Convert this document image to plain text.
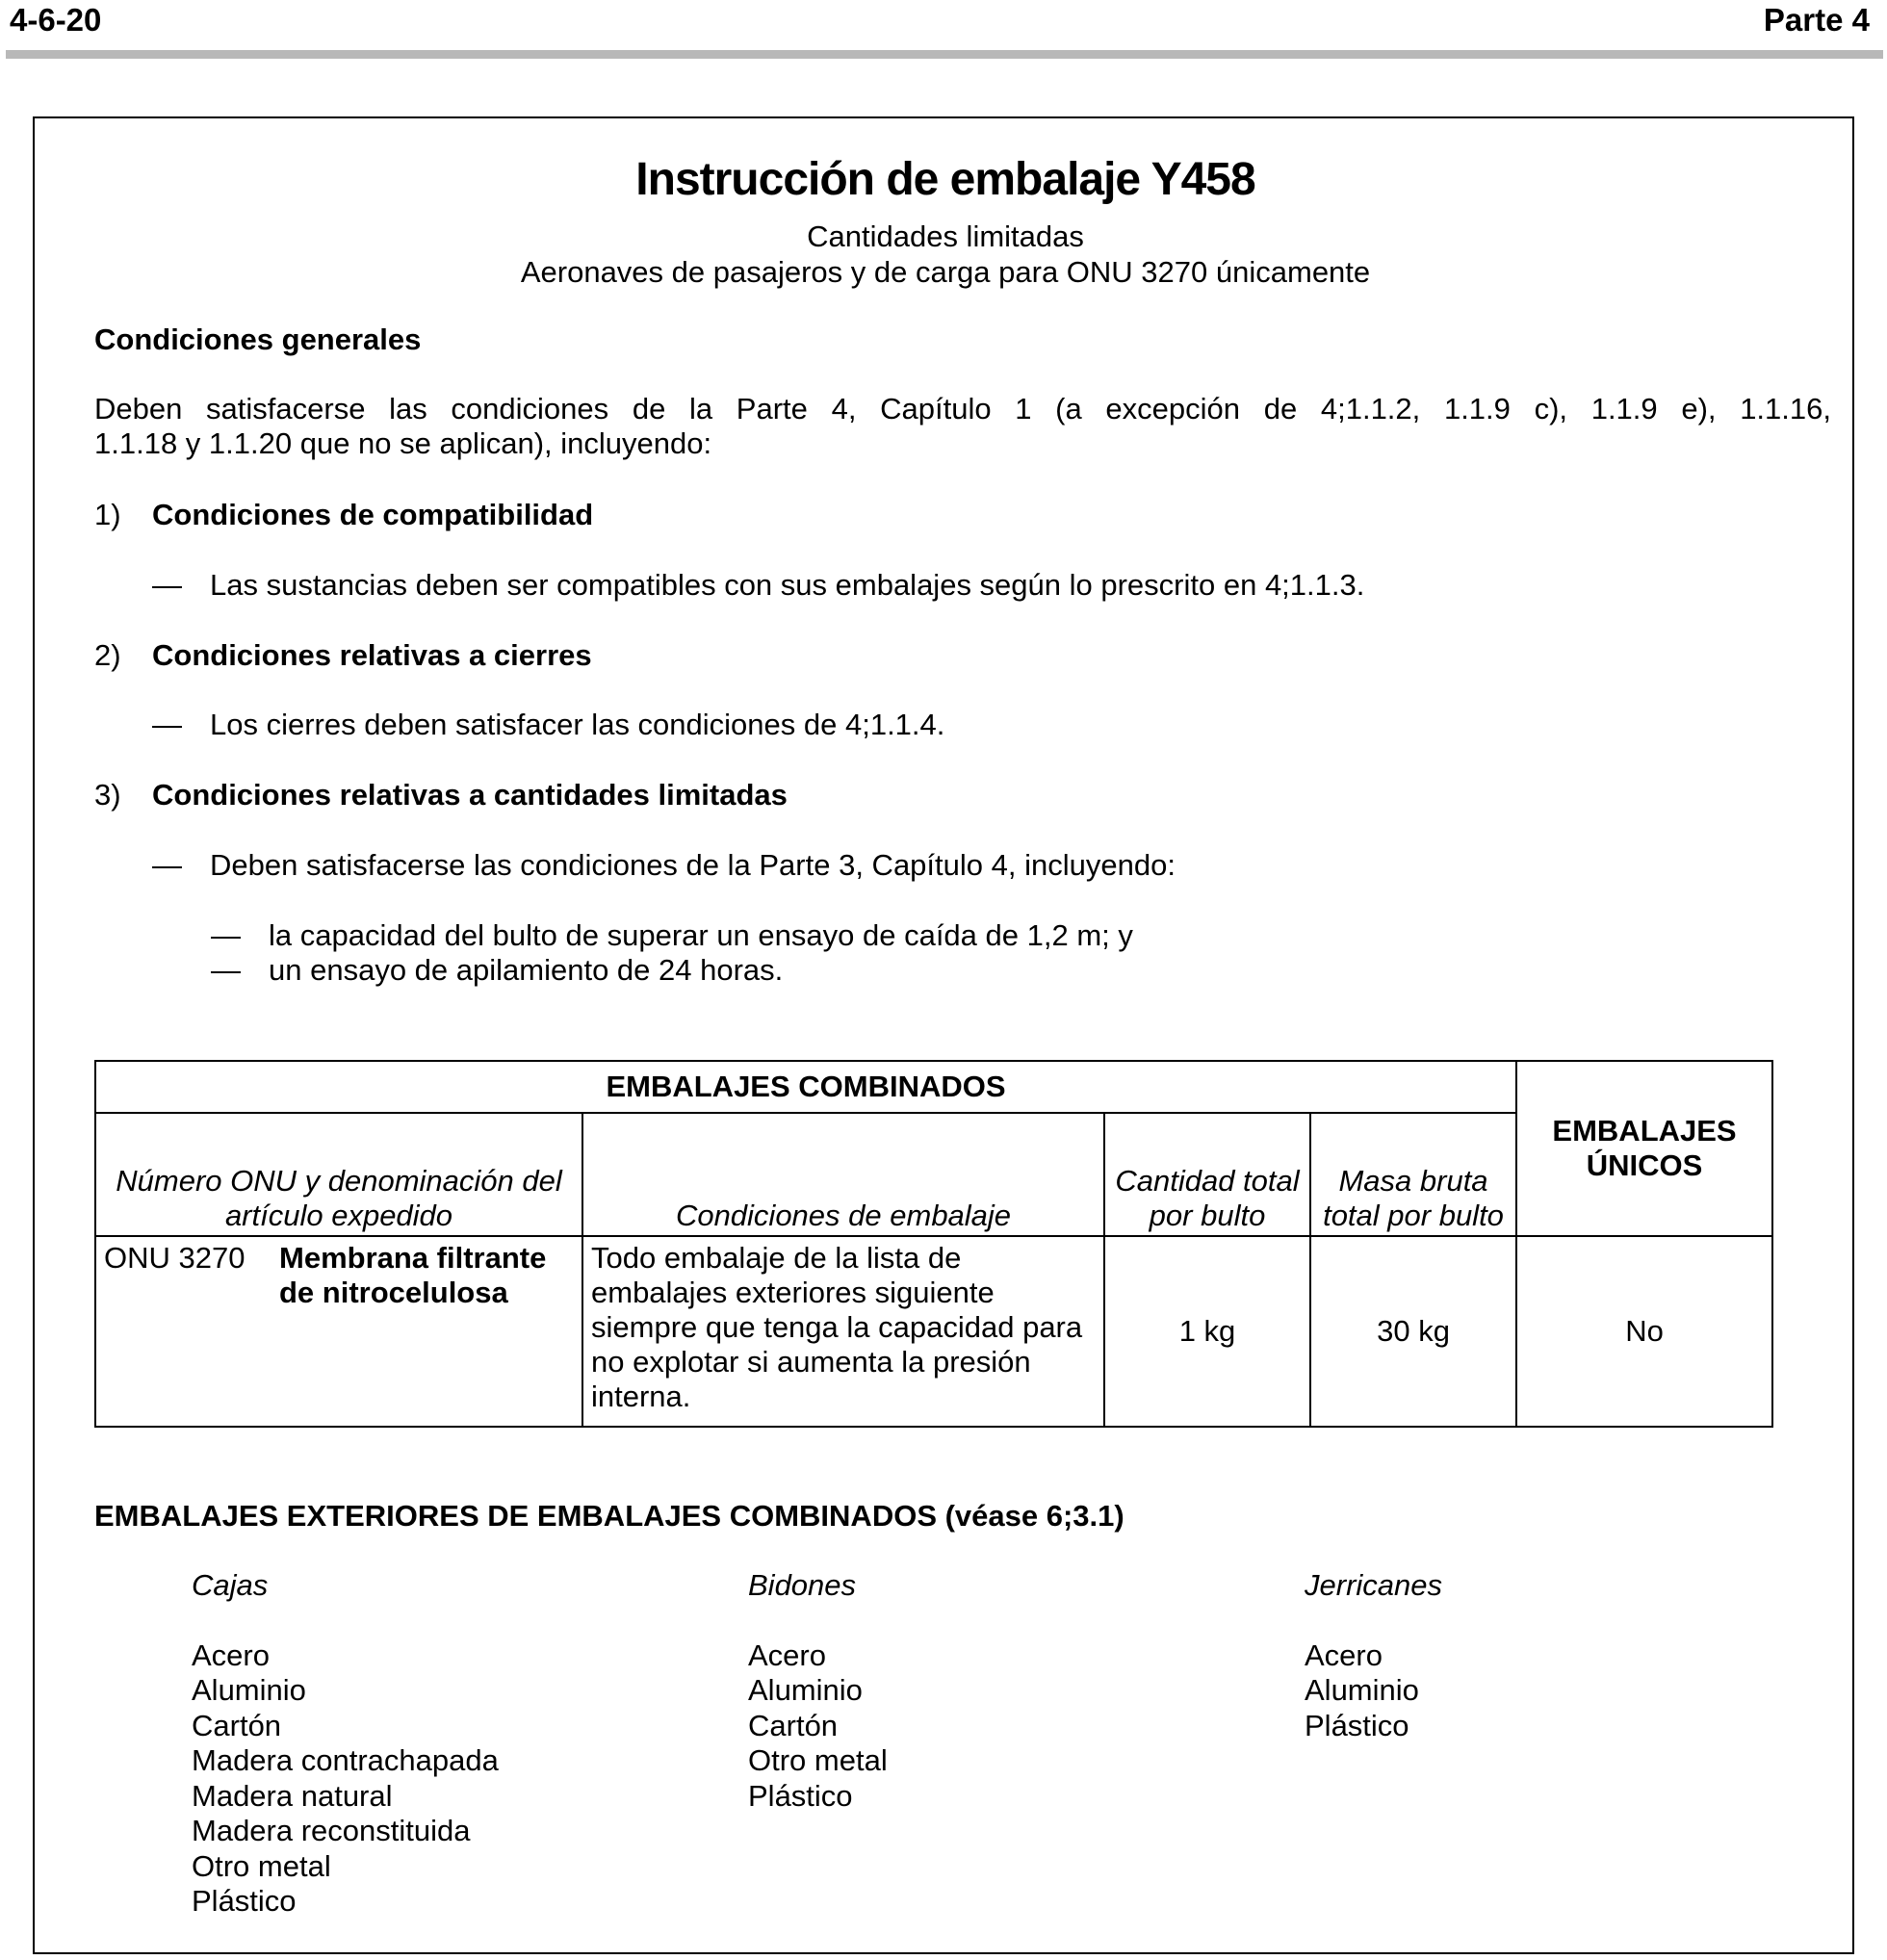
4-6-20	Parte 4
Instrucción de embalaje Y458
Cantidades limitadas
Aeronaves de pasajeros y de carga para ONU 3270 únicamente
Condiciones generales
Deben satisfacerse las condiciones de la Parte 4, Capítulo 1 (a excepción de 4;1.1.2, 1.1.9 c), 1.1.9 e), 1.1.16,
1.1.18 y 1.1.20 que no se aplican), incluyendo:
1) Condiciones de compatibilidad
— Las sustancias deben ser compatibles con sus embalajes según lo prescrito en 4;1.1.3.
2) Condiciones relativas a cierres
— Los cierres deben satisfacer las condiciones de 4;1.1.4.
3) Condiciones relativas a cantidades limitadas
— Deben satisfacerse las condiciones de la Parte 3, Capítulo 4, incluyendo:
— la capacidad del bulto de superar un ensayo de caída de 1,2 m; y
— un ensayo de apilamiento de 24 horas.
EMBALAJES COMBINADOS				EMBALAJES ÚNICOS
Número ONU y denominación del artículo expedido	Condiciones de embalaje	Cantidad total por bulto	Masa bruta total por bulto	

ONU 3270 Membrana filtrante de nitrocelulosa	Todo embalaje de la lista de embalajes exteriores siguiente siempre que tenga la capacidad para no explotar si aumenta la presión interna.	1 kg	30 kg	No
EMBALAJES EXTERIORES DE EMBALAJES COMBINADOS (véase 6;3.1)
Cajas
Acero
Aluminio
Cartón
Madera contrachapada
Madera natural
Madera reconstituida
Otro metal
Plástico
Bidones
Acero
Aluminio
Cartón
Otro metal
Plástico
Jerricanes
Acero
Aluminio
Plástico
